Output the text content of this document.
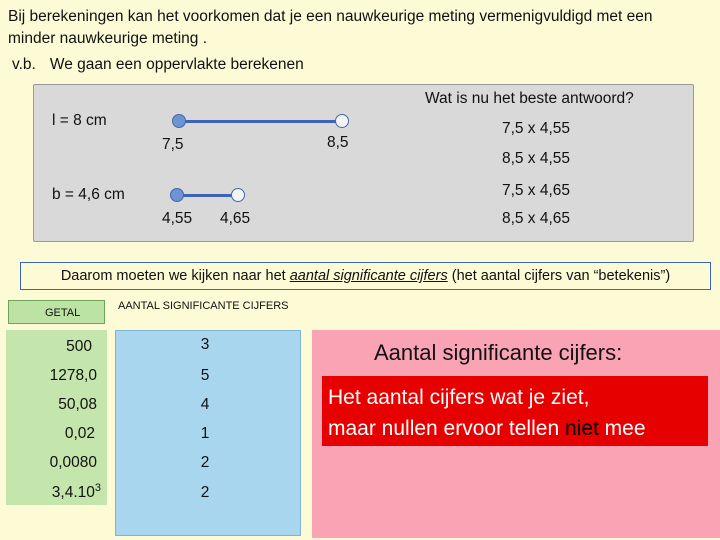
Bij berekeningen kan het voorkomen dat je een nauwkeurige meting vermenigvuldigd met een
minder nauwkeurige meting .
v.b. We gaan een oppervlakte berekenen
Wat is nu het beste antwoord?
l = 8 cm
7,5	8,5
b = 4,6 cm
4,55 4,65
7,5 x 4,55
8,5 x 4,55
7,5 x 4,65
8,5 x 4,65
Daarom moeten we kijken naar het aantal significante cijfers (het aantal cijfers van “betekenis”)
GETAL
AANTAL SIGNIFICANTE CIJFERS
500
1278,0
50,08
0,02
0,0080
3,4.10$^3$
3
5
4
1
2
2
Aantal significante cijfers:
Het aantal cijfers wat je ziet,
maar nullen ervoor tellen niet mee
